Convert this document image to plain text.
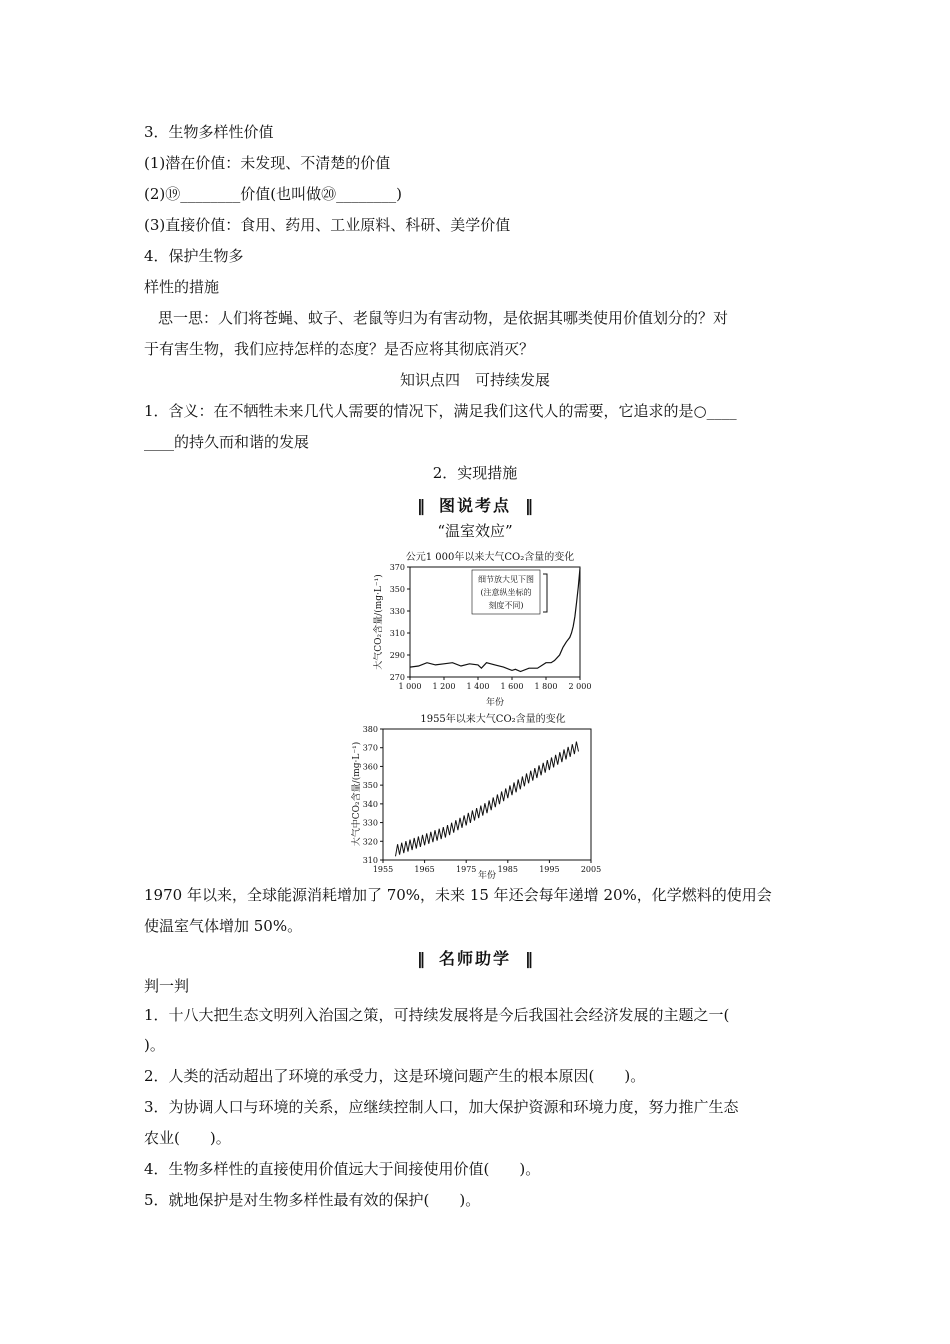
3．生物多样性价值
(1)潜在价值：未发现、不清楚的价值
(2)⑲________价值(也叫做⑳________)
(3)直接价值：食用、药用、工业原料、科研、美学价值
4．保护生物多
样性的措施
思一思：人们将苍蝇、蚊子、老鼠等归为有害动物，是依据其哪类使用价值划分的？对
于有害生物，我们应持怎样的态度？是否应将其彻底消灭？
知识点四　可持续发展
1．含义：在不牺牲未来几代人需要的情况下，满足我们这代人的需要，它追求的是○____
____的持久而和谐的发展
2．实现措施
‖ 图说考点 ‖
“温室效应”
公元1 000年以来大气CO₂含量的变化
大气CO₂含量/(mg·L⁻¹)
年份
1 000 1 200 1 400 1 600 1 800 2 000
270
290
310
330
350
370
细节放大见下图
(注意纵坐标的
刻度不同)
1955年以来大气CO₂含量的变化
大气中CO₂含量/(mg·L⁻¹)
年份
1955	1965	1975	1985	1995	2005
310
320
330
340
350
360
370
380
1970 年以来，全球能源消耗增加了 70%，未来 15 年还会每年递增 20%，化学燃料的使用会
使温室气体增加 50%。
‖ 名师助学 ‖
判一判
1．十八大把生态文明列入治国之策，可持续发展将是今后我国社会经济发展的主题之一(
)。
2．人类的活动超出了环境的承受力，这是环境问题产生的根本原因(　　)。
3．为协调人口与环境的关系，应继续控制人口，加大保护资源和环境力度，努力推广生态
农业(　　)。
4．生物多样性的直接使用价值远大于间接使用价值(　　)。
5．就地保护是对生物多样性最有效的保护(　　)。
